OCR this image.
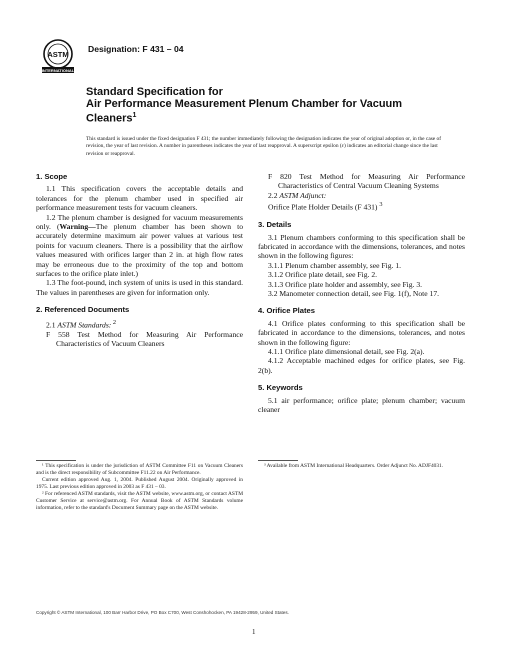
ASTM
INTERNATIONAL
Designation: F 431 – 04
Standard Specification for
Air Performance Measurement Plenum Chamber for Vacuum
Cleaners$^1$
This standard is issued under the fixed designation F 431; the number immediately following the designation indicates the year of original adoption or, in the case of revision, the year of last revision. A number in parentheses indicates the year of last reapproval. A superscript epsilon (ε) indicates an editorial change since the last revision or reapproval.
1. Scope

1.1 This specification covers the acceptable details and tolerances for the plenum chamber used in specified air performance measurement tests for vacuum cleaners.

1.2 The plenum chamber is designed for vacuum measurements only. (Warning—The plenum chamber has been shown to accurately determine maximum air power values at various test points for vacuum cleaners. There is a possibility that the airflow values measured with orifices larger than 2 in. at high flow rates may be erroneous due to the proximity of the top and bottom surfaces to the orifice plate inlet.)

1.3 The foot-pound, inch system of units is used in this standard. The values in parentheses are given for information only.

2. Referenced Documents

2.1 ASTM Standards: $^2$

F 558 Test Method for Measuring Air Performance Characteristics of Vacuum Cleaners

¹ This specification is under the jurisdiction of ASTM Committee F11 on Vacuum Cleaners and is the direct responsibility of Subcommittee F11.22 on Air Performance.

Current edition approved Aug. 1, 2004. Published August 2004. Originally approved in 1975. Last previous edition approved in 2003 as F 431 – 03.

² For referenced ASTM standards, visit the ASTM website, www.astm.org, or contact ASTM Customer Service at service@astm.org. For Annual Book of ASTM Standards volume information, refer to the standard's Document Summary page on the ASTM website.

F 820 Test Method for Measuring Air Performance Characteristics of Central Vacuum Cleaning Systems

2.2 ASTM Adjunct:

Orifice Plate Holder Details (F 431) $^3$

3. Details

3.1 Plenum chambers conforming to this specification shall be fabricated in accordance with the dimensions, tolerances, and notes shown in the following figures:

3.1.1 Plenum chamber assembly, see Fig. 1.

3.1.2 Orifice plate detail, see Fig. 2.

3.1.3 Orifice plate holder and assembly, see Fig. 3.

3.2 Manometer connection detail, see Fig. 1(f), Note 17.

4. Orifice Plates

4.1 Orifice plates conforming to this specification shall be fabricated in accordance to the dimensions, tolerances, and notes shown in the following figure:

4.1.1 Orifice plate dimensional detail, see Fig. 2(a).

4.1.2 Acceptable machined edges for orifice plates, see Fig. 2(b).

5. Keywords

5.1 air performance; orifice plate; plenum chamber; vacuum cleaner

³ Available from ASTM International Headquarters. Order Adjunct No. ADJF4031.

Copyright © ASTM International, 100 Barr Harbor Drive, PO Box C700, West Conshohocken, PA 19428-2959, United States.
1
